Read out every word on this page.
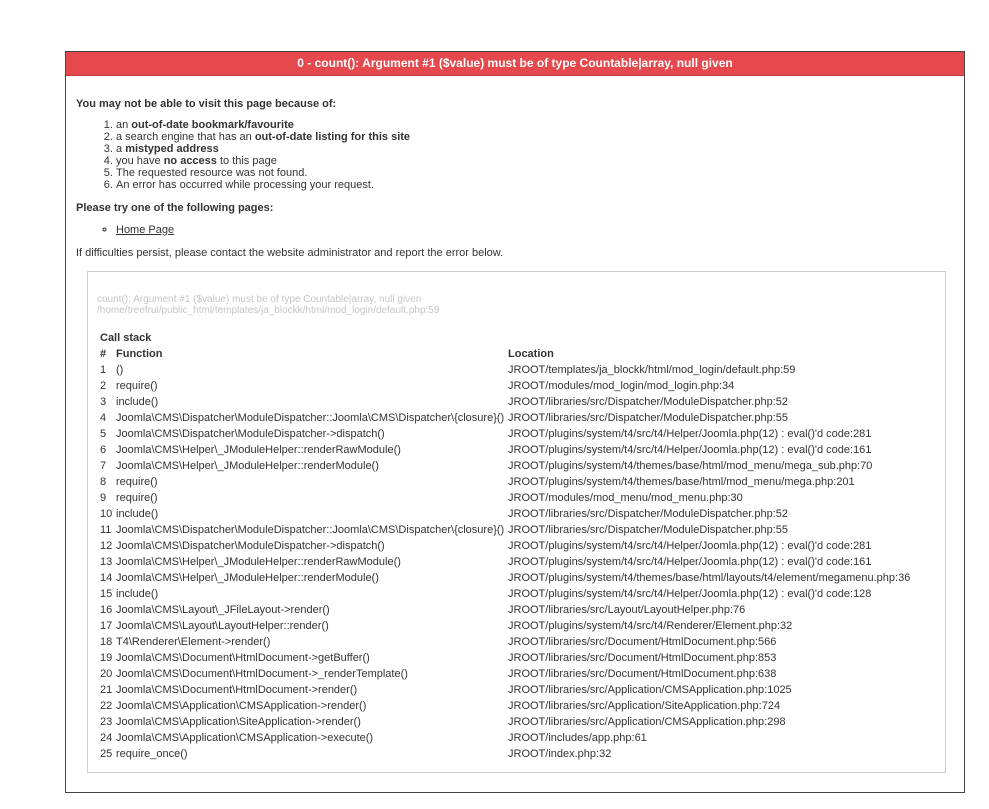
0 - count(): Argument #1 ($value) must be of type Countable|array, null given
You may not be able to visit this page because of:
1. an out-of-date bookmark/favourite
2. a search engine that has an out-of-date listing for this site
3. a mistyped address
4. you have no access to this page
5. The requested resource was not found.
6. An error has occurred while processing your request.
Please try one of the following pages:
◦ Home Page
If difficulties persist, please contact the website administrator and report the error below.
count(): Argument #1 ($value) must be of type Countable|array, null given
/home/treefrui/public_html/templates/ja_blockk/html/mod_login/default.php:59
Call stack
#	Function	Location
1	()	JROOT/templates/ja_blockk/html/mod_login/default.php:59
2	require()	JROOT/modules/mod_login/mod_login.php:34
3	include()	JROOT/libraries/src/Dispatcher/ModuleDispatcher.php:52
4	Joomla\CMS\Dispatcher\ModuleDispatcher::Joomla\CMS\Dispatcher\{closure}()	JROOT/libraries/src/Dispatcher/ModuleDispatcher.php:55
5	Joomla\CMS\Dispatcher\ModuleDispatcher->dispatch()	JROOT/plugins/system/t4/src/t4/Helper/Joomla.php(12) : eval()'d code:281
6	Joomla\CMS\Helper\_JModuleHelper::renderRawModule()	JROOT/plugins/system/t4/src/t4/Helper/Joomla.php(12) : eval()'d code:161
7	Joomla\CMS\Helper\_JModuleHelper::renderModule()	JROOT/plugins/system/t4/themes/base/html/mod_menu/mega_sub.php:70
8	require()	JROOT/plugins/system/t4/themes/base/html/mod_menu/mega.php:201
9	require()	JROOT/modules/mod_menu/mod_menu.php:30
10	include()	JROOT/libraries/src/Dispatcher/ModuleDispatcher.php:52
11	Joomla\CMS\Dispatcher\ModuleDispatcher::Joomla\CMS\Dispatcher\{closure}()	JROOT/libraries/src/Dispatcher/ModuleDispatcher.php:55
12	Joomla\CMS\Dispatcher\ModuleDispatcher->dispatch()	JROOT/plugins/system/t4/src/t4/Helper/Joomla.php(12) : eval()'d code:281
13	Joomla\CMS\Helper\_JModuleHelper::renderRawModule()	JROOT/plugins/system/t4/src/t4/Helper/Joomla.php(12) : eval()'d code:161
14	Joomla\CMS\Helper\_JModuleHelper::renderModule()	JROOT/plugins/system/t4/themes/base/html/layouts/t4/element/megamenu.php:36
15	include()	JROOT/plugins/system/t4/src/t4/Helper/Joomla.php(12) : eval()'d code:128
16	Joomla\CMS\Layout\_JFileLayout->render()	JROOT/libraries/src/Layout/LayoutHelper.php:76
17	Joomla\CMS\Layout\LayoutHelper::render()	JROOT/plugins/system/t4/src/t4/Renderer/Element.php:32
18	T4\Renderer\Element->render()	JROOT/libraries/src/Document/HtmlDocument.php:566
19	Joomla\CMS\Document\HtmlDocument->getBuffer()	JROOT/libraries/src/Document/HtmlDocument.php:853
20	Joomla\CMS\Document\HtmlDocument->_renderTemplate()	JROOT/libraries/src/Document/HtmlDocument.php:638
21	Joomla\CMS\Document\HtmlDocument->render()	JROOT/libraries/src/Application/CMSApplication.php:1025
22	Joomla\CMS\Application\CMSApplication->render()	JROOT/libraries/src/Application/SiteApplication.php:724
23	Joomla\CMS\Application\SiteApplication->render()	JROOT/libraries/src/Application/CMSApplication.php:298
24	Joomla\CMS\Application\CMSApplication->execute()	JROOT/includes/app.php:61
25	require_once()	JROOT/index.php:32
